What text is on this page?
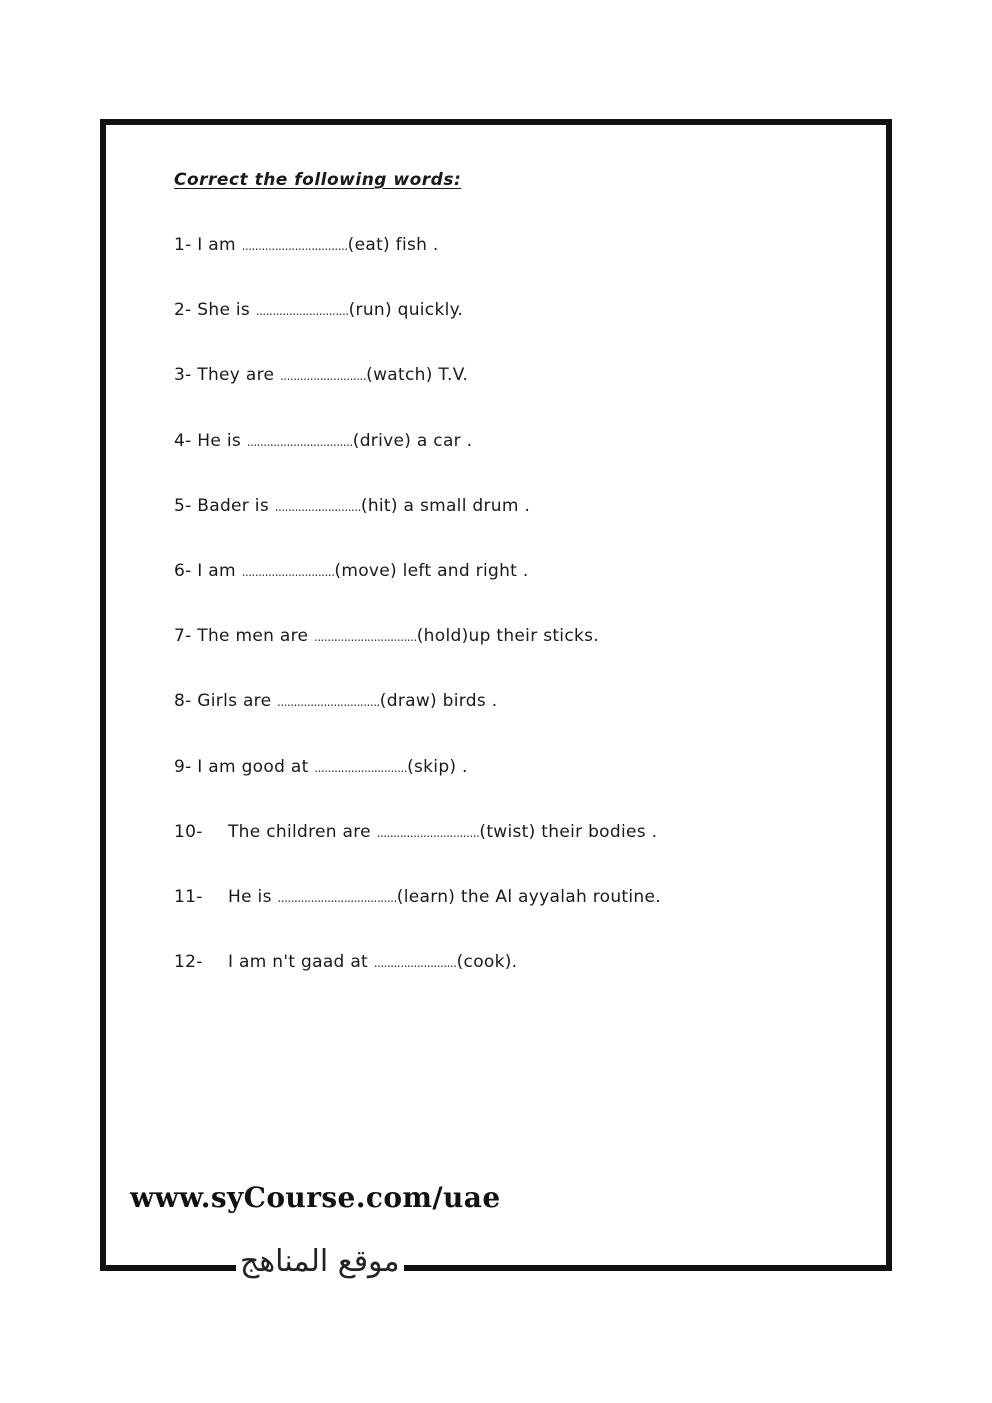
Correct the following words:
1- I am ................................(eat) fish .
2- She is ............................(run) quickly.
3- They are ..........................(watch) T.V.
4- He is ................................(drive) a car .
5- Bader is ..........................(hit) a small drum .
6- I am ............................(move) left and right .
7- The men are ...............................(hold)up their sticks.
8- Girls are ...............................(draw) birds .
9- I am good at ............................(skip) .
10- The children are ...............................(twist) their bodies .
11- He is ....................................(learn) the Al ayyalah routine.
12- I am n't gaad at .........................(cook).

www.syCourse.com/uae

موقع المناهج
